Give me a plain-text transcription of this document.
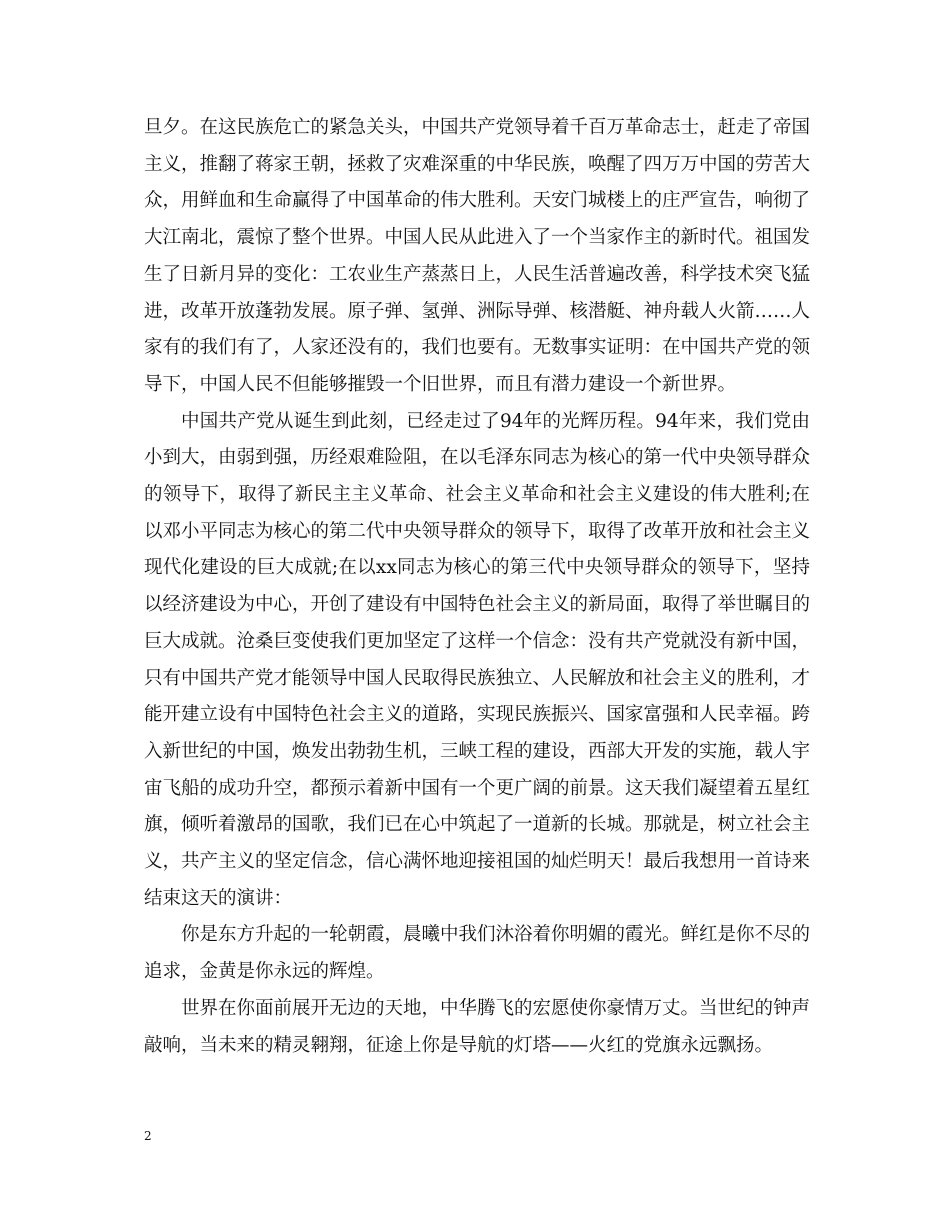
旦夕。在这民族危亡的紧急关头，中国共产党领导着千百万革命志士，赶走了帝国主义，推翻了蒋家王朝，拯救了灾难深重的中华民族，唤醒了四万万中国的劳苦大众，用鲜血和生命赢得了中国革命的伟大胜利。天安门城楼上的庄严宣告，响彻了大江南北，震惊了整个世界。中国人民从此进入了一个当家作主的新时代。祖国发生了日新月异的变化：工农业生产蒸蒸日上，人民生活普遍改善，科学技术突飞猛进，改革开放蓬勃发展。原子弹、氢弹、洲际导弹、核潜艇、神舟载人火箭……人家有的我们有了，人家还没有的，我们也要有。无数事实证明：在中国共产党的领导下，中国人民不但能够摧毁一个旧世界，而且有潜力建设一个新世界。

中国共产党从诞生到此刻，已经走过了94年的光辉历程。94年来，我们党由小到大，由弱到强，历经艰难险阻，在以毛泽东同志为核心的第一代中央领导群众的领导下，取得了新民主主义革命、社会主义革命和社会主义建设的伟大胜利;在以邓小平同志为核心的第二代中央领导群众的领导下，取得了改革开放和社会主义现代化建设的巨大成就;在以xx同志为核心的第三代中央领导群众的领导下，坚持以经济建设为中心，开创了建设有中国特色社会主义的新局面，取得了举世瞩目的巨大成就。沧桑巨变使我们更加坚定了这样一个信念：没有共产党就没有新中国，只有中国共产党才能领导中国人民取得民族独立、人民解放和社会主义的胜利，才能开建立设有中国特色社会主义的道路，实现民族振兴、国家富强和人民幸福。跨入新世纪的中国，焕发出勃勃生机，三峡工程的建设，西部大开发的实施，载人宇宙飞船的成功升空，都预示着新中国有一个更广阔的前景。这天我们凝望着五星红旗，倾听着激昂的国歌，我们已在心中筑起了一道新的长城。那就是，树立社会主义，共产主义的坚定信念，信心满怀地迎接祖国的灿烂明天！最后我想用一首诗来结束这天的演讲：

你是东方升起的一轮朝霞，晨曦中我们沐浴着你明媚的霞光。鲜红是你不尽的追求，金黄是你永远的辉煌。

世界在你面前展开无边的天地，中华腾飞的宏愿使你豪情万丈。当世纪的钟声敲响，当未来的精灵翱翔，征途上你是导航的灯塔——火红的党旗永远飘扬。

2
